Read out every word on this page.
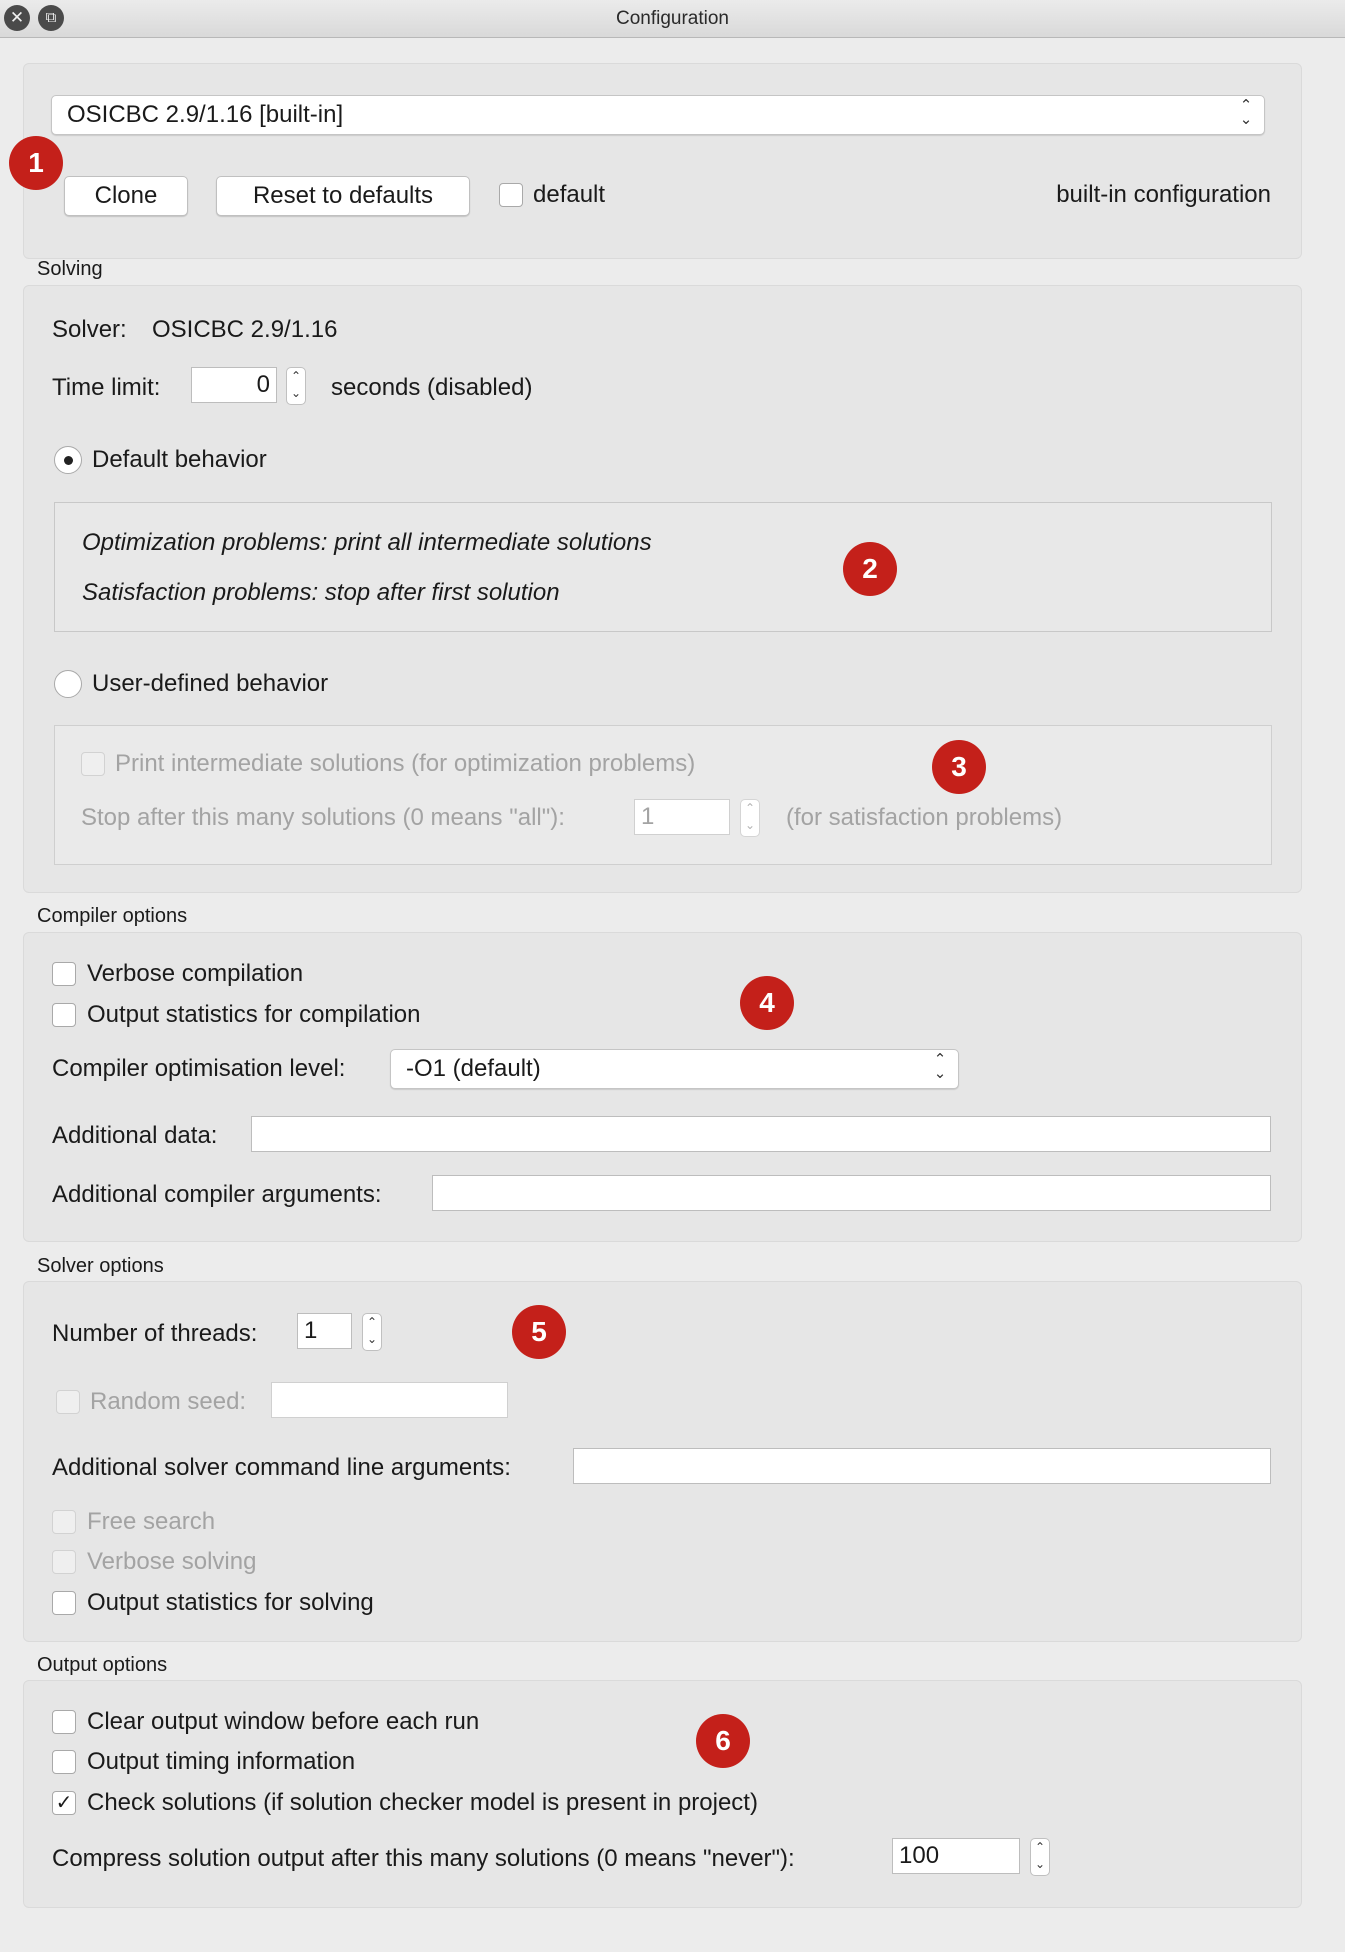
Configuration
✕	⧉
OSICBC 2.9/1.16 [built-in]	⌃
⌄
Clone	Reset to defaults	default	built-in configuration
Solving
Solver: OSICBC 2.9/1.16
Time limit:	0	⌃
⌄ seconds (disabled)
Default behavior
Optimization problems: print all intermediate solutions
Satisfaction problems: stop after first solution
User-defined behavior
Print intermediate solutions (for optimization problems)
Stop after this many solutions (0 means "all"):	1	⌃
⌄ (for satisfaction problems)
Compiler options
Verbose compilation
Output statistics for compilation
Compiler optimisation level:	-O1 (default)	⌃
⌄
Additional data:
Additional compiler arguments:
Solver options
Number of threads: 1	⌃
⌄
Random seed:
Additional solver command line arguments:
Free search
Verbose solving
Output statistics for solving
Output options
Clear output window before each run
Output timing information
✓ Check solutions (if solution checker model is present in project)
Compress solution output after this many solutions (0 means "never"):	100	⌃
⌄
1
2
3
4
5
6
